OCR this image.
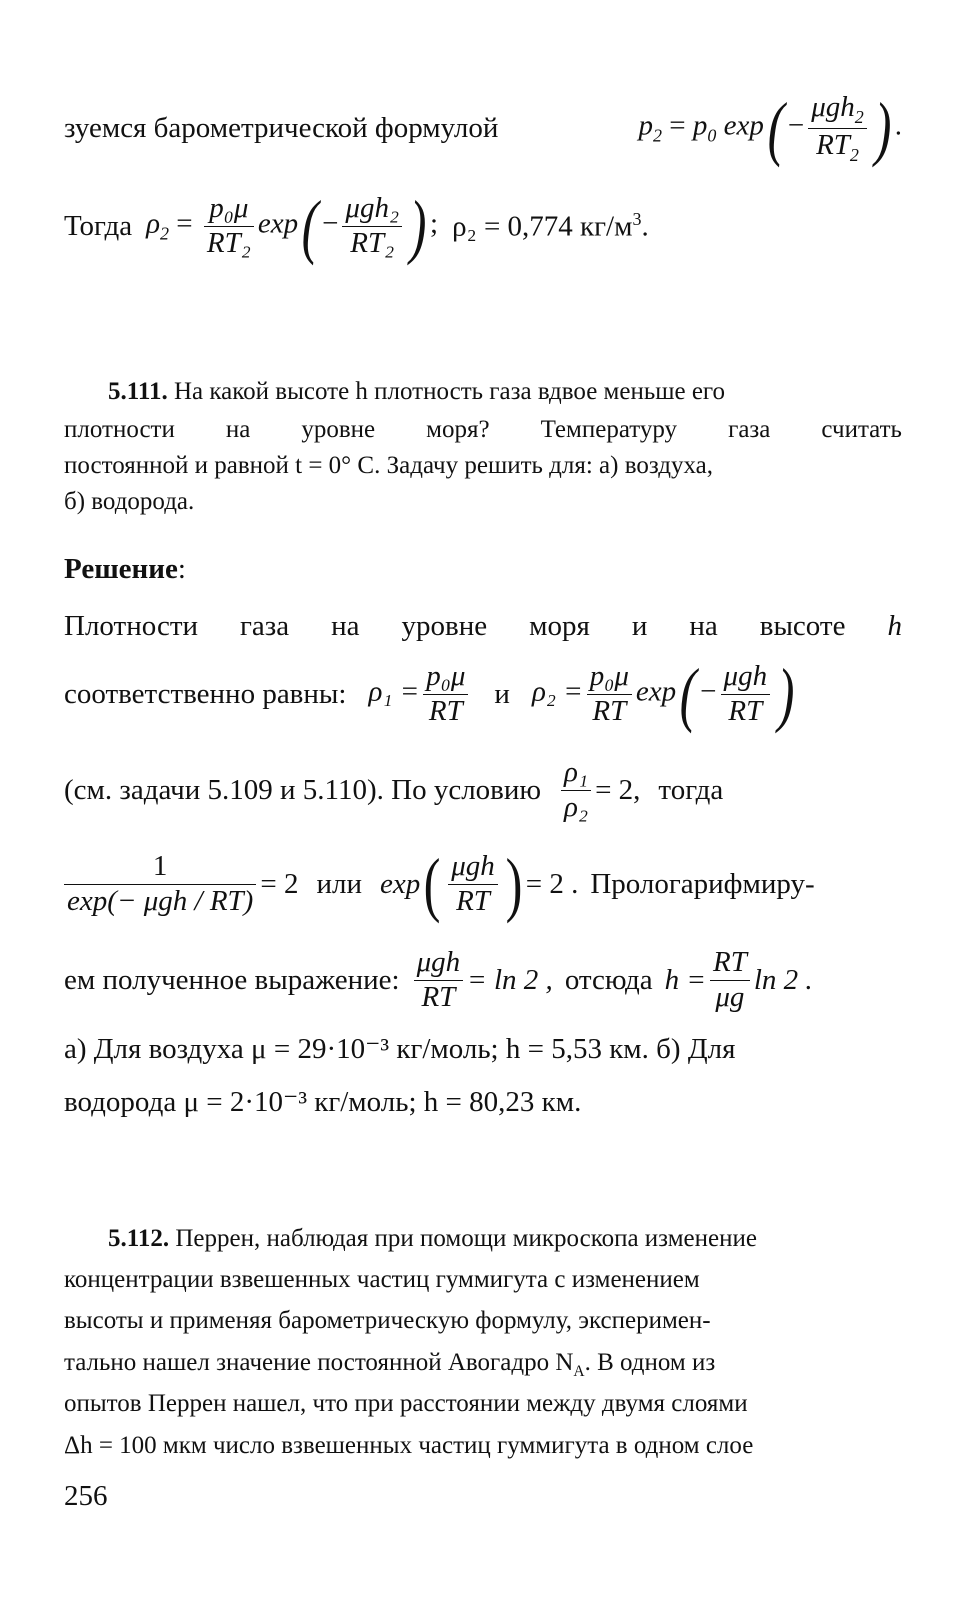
зуемся барометрической формулой	$p_2 = p_0$ $\exp( - \frac{\mu gh_2}{RT_2}$ ) .
Тогда $\rho_2 = \frac{\text{p₀μ}}{\text{RT₂}} \exp( - \frac{\text{μgh₂}}{\text{RT₂}}$ ) ; ρ₂ = 0,774 $кг/м^3$.
5.111. На какой высоте h плотность газа вдвое меньше его
плотности на уровне моря? Температуру газа считать
постоянной и равной t = 0° C. Задачу решить для: а) воздуха,
б) водорода.
Решение:
Плотности газа на уровне моря и на высоте h
соответственно равны: $\rho_1 = \frac{\text{p₀μ}}{RT}$ и $\rho_2 = \frac{\text{p₀μ}}{RT} \exp( - \frac{\text{μgh}}{RT}$ )
(см. задачи 5.109 и 5.110). По условию $\frac{\text{ρ₁}}{\text{ρ₂}} = 2$, тогда
$\frac{1}{\text{exp(− μgh / RT)}} = 2$ или exp ( $\frac{\text{μgh}}{RT}$ ) = 2 . Прологарифмиру-
ем полученное выражение: $\frac{\text{μgh}}{RT} = \ln 2$ , отсюда $h = \frac{RT}{\mu g}$ ln 2 .
а) Для воздуха μ = 29·10⁻³ кг/моль; h = 5,53 км. б) Для
водорода μ = 2·10⁻³ кг/моль; h = 80,23 км.
5.112. Перрен, наблюдая при помощи микроскопа изменение
концентрации взвешенных частиц гуммигута с изменением
высоты и применяя барометрическую формулу, эксперимен-
тально нашел значение постоянной Авогадро $N_A$. В одном из
опытов Перрен нашел, что при расстоянии между двумя слоями
Δh = 100 мкм число взвешенных частиц гуммигута в одном слое
256
